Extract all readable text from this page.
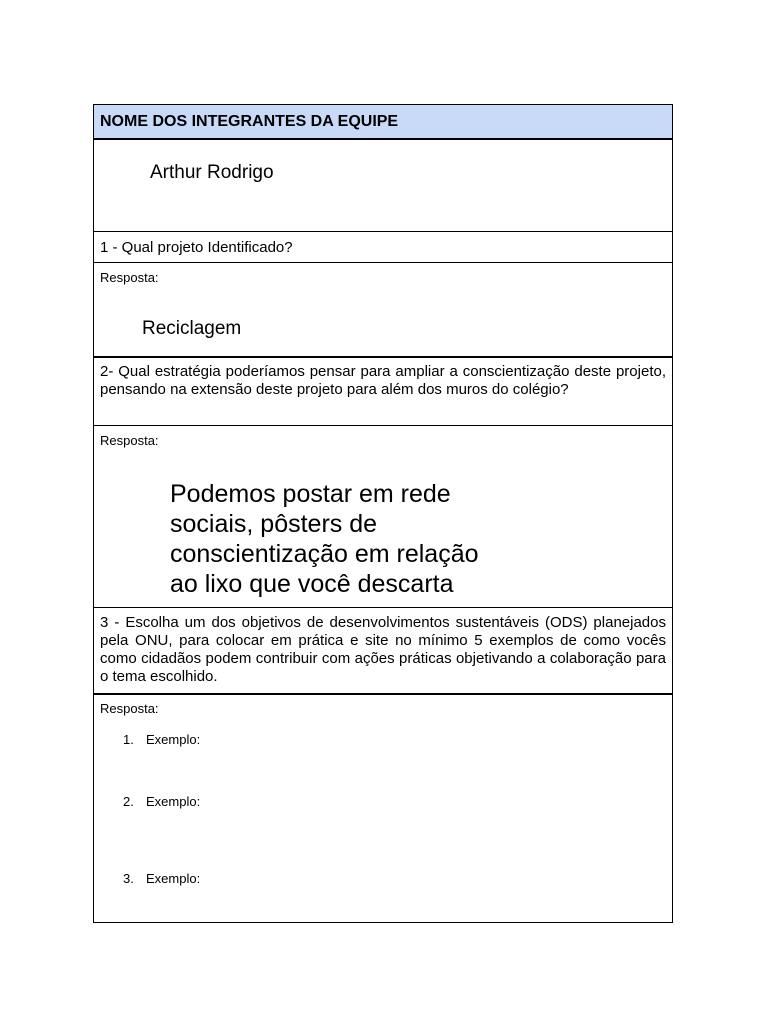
NOME DOS INTEGRANTES DA EQUIPE
Arthur Rodrigo
1 - Qual projeto Identificado?
Resposta:
Reciclagem
2- Qual estratégia poderíamos pensar para ampliar a conscientização deste projeto, pensando na extensão deste projeto para além dos muros do colégio?
Resposta:
Podemos postar em rede
sociais, pôsters de
conscientização em relação
ao lixo que você descarta
3 - Escolha um dos objetivos de desenvolvimentos sustentáveis (ODS) planejados pela ONU, para colocar em prática e site no mínimo 5 exemplos de como vocês como cidadãos podem contribuir com ações práticas objetivando a colaboração para o tema escolhido.
Resposta:
1. Exemplo:
2. Exemplo:
3. Exemplo:
